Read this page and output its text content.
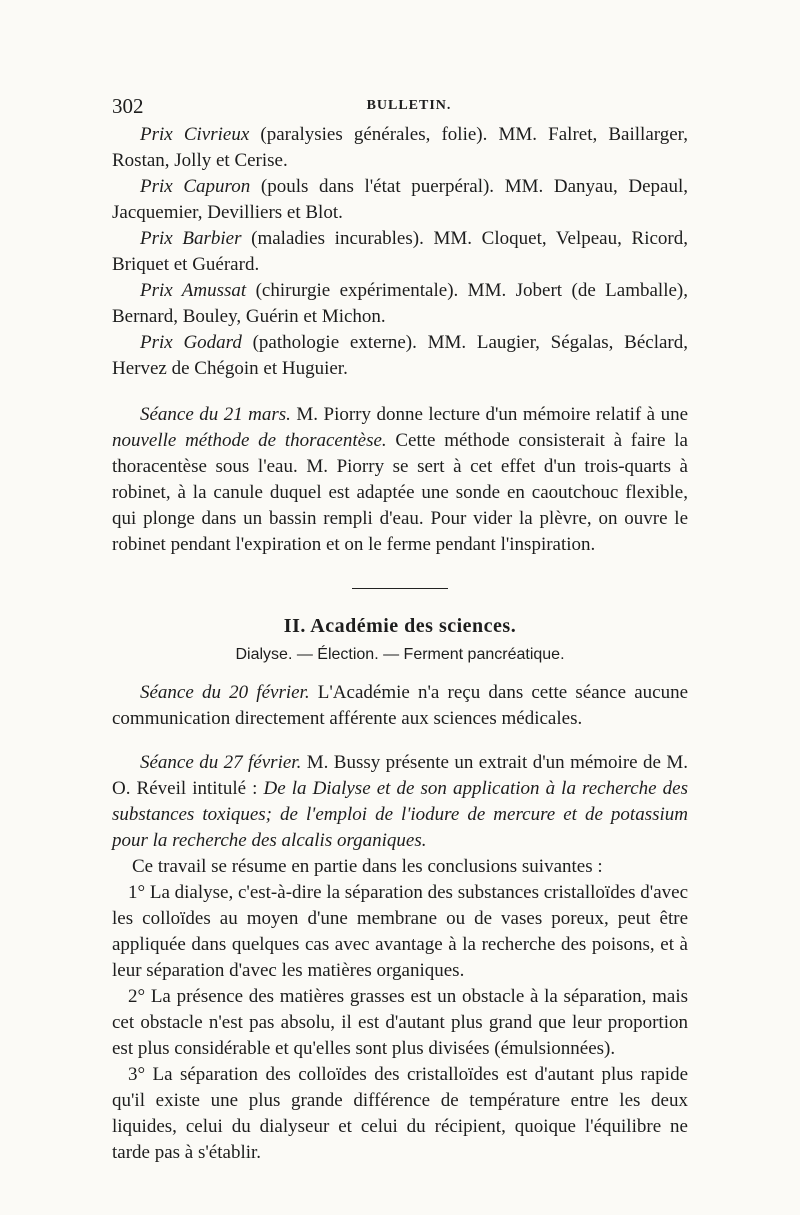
302	BULLETIN.

Prix Civrieux (paralysies générales, folie). MM. Falret, Baillarger, Rostan, Jolly et Cerise.

Prix Capuron (pouls dans l'état puerpéral). MM. Danyau, Depaul, Jacquemier, Devilliers et Blot.

Prix Barbier (maladies incurables). MM. Cloquet, Velpeau, Ricord, Briquet et Guérard.

Prix Amussat (chirurgie expérimentale). MM. Jobert (de Lamballe), Bernard, Bouley, Guérin et Michon.

Prix Godard (pathologie externe). MM. Laugier, Ségalas, Béclard, Hervez de Chégoin et Huguier.

Séance du 21 mars. M. Piorry donne lecture d'un mémoire relatif à une nouvelle méthode de thoracentèse. Cette méthode consisterait à faire la thoracentèse sous l'eau. M. Piorry se sert à cet effet d'un trois-quarts à robinet, à la canule duquel est adaptée une sonde en caoutchouc flexible, qui plonge dans un bassin rempli d'eau. Pour vider la plèvre, on ouvre le robinet pendant l'expiration et on le ferme pendant l'inspiration.

II. Académie des sciences.
Dialyse. — Élection. — Ferment pancréatique.

Séance du 20 février. L'Académie n'a reçu dans cette séance aucune communication directement afférente aux sciences médicales.

Séance du 27 février. M. Bussy présente un extrait d'un mémoire de M. O. Réveil intitulé : De la Dialyse et de son application à la recherche des substances toxiques; de l'emploi de l'iodure de mercure et de potassium pour la recherche des alcalis organiques.

Ce travail se résume en partie dans les conclusions suivantes :

1° La dialyse, c'est-à-dire la séparation des substances cristalloïdes d'avec les colloïdes au moyen d'une membrane ou de vases poreux, peut être appliquée dans quelques cas avec avantage à la recherche des poisons, et à leur séparation d'avec les matières organiques.

2° La présence des matières grasses est un obstacle à la séparation, mais cet obstacle n'est pas absolu, il est d'autant plus grand que leur proportion est plus considérable et qu'elles sont plus divisées (émulsionnées).

3° La séparation des colloïdes des cristalloïdes est d'autant plus rapide qu'il existe une plus grande différence de température entre les deux liquides, celui du dialyseur et celui du récipient, quoique l'équilibre ne tarde pas à s'établir.
